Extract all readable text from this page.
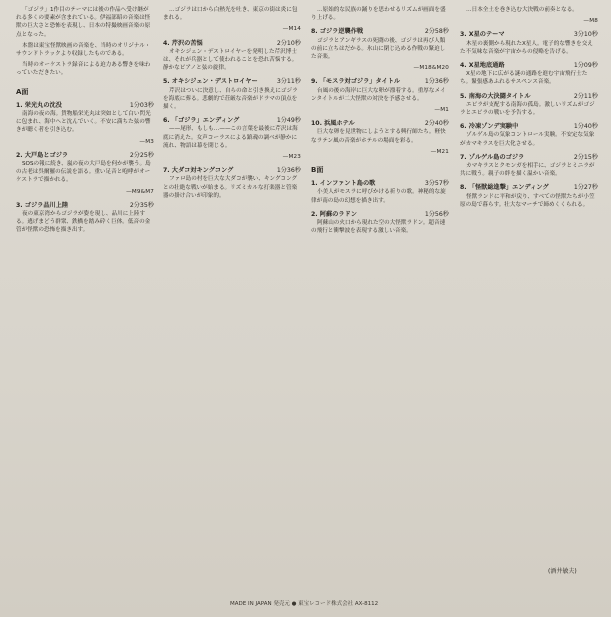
「ゴジラ」1作目のテーマには後の作品へ受け継がれる多くの要素が含まれている。伊福部昭の音楽は怪獣の巨大さと恐怖を表現し、日本の特撮映画音楽の原点となった。

本盤は東宝怪獣映画の音楽を、当時のオリジナル・サウンドトラックより収録したものである。

当時のオーケストラ録音による迫力ある響きを味わっていただきたい。

A面
1. 栄光丸の沈没	1分03秒

南海の夜の海。貨物船栄光丸は突如として白い閃光に包まれ、海中へと沈んでいく。不安に満ちた弦の響きが聴く者を引き込む。

—M3
2. 大戸島とゴジラ	2分25秒

SOSの報に続き、嵐の夜の大戸島を何かが襲う。島の古老は呉爾羅の伝説を語る。重い足音と咆哮がオーケストラで描かれる。

—M9&M7
3. ゴジラ品川上陸	2分35秒

夜の東京湾からゴジラが姿を現し、品川に上陸する。逃げまどう群衆、鉄橋を踏み砕く巨体。低音の金管が怪獣の恐怖を描き出す。

…ゴジラは口から白熱光を吐き、東京の街は炎に包まれる。

—M14
4. 芹沢の苦悩	2分10秒

オキシジェン・デストロイヤーを発明した芹沢博士は、それが兵器として使われることを恐れ苦悩する。静かなピアノと弦の旋律。

5. オキシジェン・デストロイヤー	3分11秒

芹沢はついに決意し、自らの命と引き換えにゴジラを海底に葬る。悲劇的で荘厳な音楽がドラマの頂点を描く。

6. 「ゴジラ」エンディング	1分49秒

——尾形、もしも…——この言葉を最後に芹沢は海底に消えた。女声コーラスによる鎮魂の調べが静かに流れ、物語は幕を閉じる。

—M23
7. 大ダコ対キングコング	1分36秒

ファロ島の村を巨大な大ダコが襲い、キングコングとの壮絶な戦いが始まる。リズミカルな打楽器と管楽器の掛け合いが印象的。

…原始的な民族の踊りを思わせるリズムが画面を盛り上げる。

8. ゴジラ逆襲作戦	2分58秒

ゴジラとアンギラスの死闘の後、ゴジラは再び人類の前に立ちはだかる。氷山に閉じ込める作戦の緊迫した音楽。

—M18&M20
9. 「モスラ対ゴジラ」タイトル	1分36秒

台風の後の海岸に巨大な卵が漂着する。重厚なメインタイトルが二大怪獣の対決を予感させる。

—M1
10. 浜風ホテル	2分40秒

巨大な卵を見世物にしようとする興行師たち。軽快なラテン風の音楽がホテルの場面を彩る。

—M21
B面
1. インファント島の歌	3分57秒

小美人がモスラに呼びかける祈りの歌。神秘的な旋律が南の島の幻想を描き出す。

2. 阿蘇のラドン	1分56秒

阿蘇山の火口から現れた空の大怪獣ラドン。超音速の飛行と衝撃波を表現する激しい音楽。

…日本全土を巻き込む大決戦の前奏となる。

—M8
3. X星のテーマ	3分10秒

木星の裏側から現れたX星人。電子的な響きを交えた不気味な音楽が宇宙からの侵略を告げる。

4. X星地底通路	1分09秒

X星の地下に広がる謎の通路を進む宇宙飛行士たち。緊張感あふれるサスペンス音楽。

5. 南海の大決闘タイトル	2分11秒

エビラが支配する南海の孤島。激しいリズムがゴジラとエビラの戦いを予告する。

6. 冷凍ゾンデ実験中	1分40秒

ゾルゲル島の気象コントロール実験。不安定な気象がカマキラスを巨大化させる。

7. ゾルゲル島のゴジラ	2分15秒

カマキラスとクモンガを相手に、ゴジラとミニラが共に戦う。親子の絆を描く温かい音楽。

8. 「怪獣総進撃」エンディング	1分27秒

怪獣ランドに平和が戻り、すべての怪獣たちが小笠原の島で暮らす。壮大なマーチで締めくくられる。

(酒井敏夫)
MADE IN JAPAN 発売元 ● 東宝レコード株式会社 AX-8112
